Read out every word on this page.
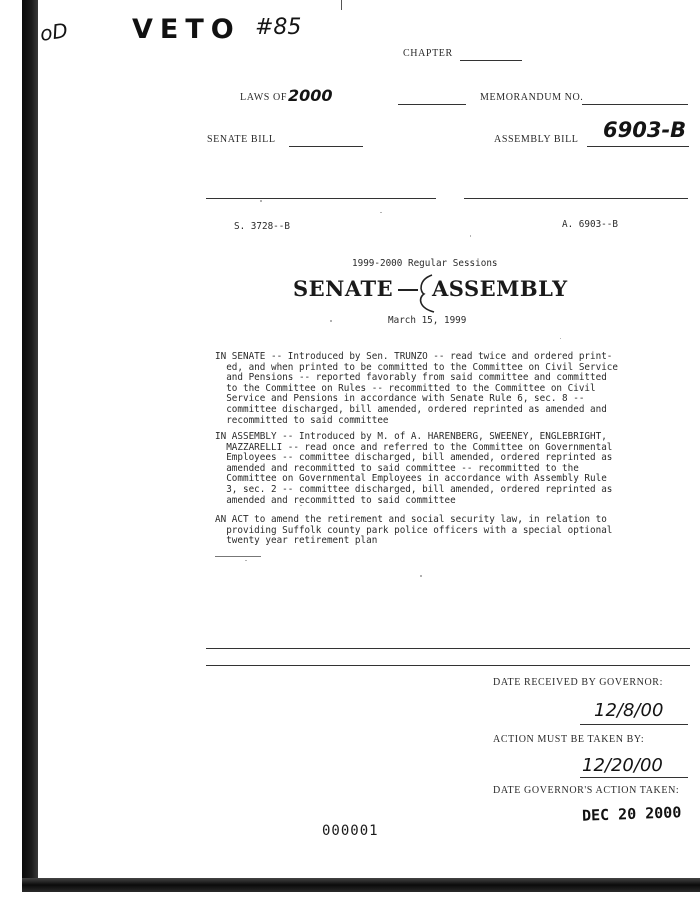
oD VETO #85
CHAPTER
LAWS OF 2000	MEMORANDUM NO.
SENATE BILL	ASSEMBLY BILL 6903-B
S. 3728--B	A. 6903--B
1999-2000 Regular Sessions
SENATE ASSEMBLY
March 15, 1999
IN SENATE -- Introduced by Sen. TRUNZO -- read twice and ordered print-
ed, and when printed to be committed to the Committee on Civil Service
and Pensions -- reported favorably from said committee and committed
to the Committee on Rules -- recommitted to the Committee on Civil
Service and Pensions in accordance with Senate Rule 6, sec. 8 --
committee discharged, bill amended, ordered reprinted as amended and
recommitted to said committee
IN ASSEMBLY -- Introduced by M. of A. HARENBERG, SWEENEY, ENGLEBRIGHT,
MAZZARELLI -- read once and referred to the Committee on Governmental
Employees -- committee discharged, bill amended, ordered reprinted as
amended and recommitted to said committee -- recommitted to the
Committee on Governmental Employees in accordance with Assembly Rule
3, sec. 2 -- committee discharged, bill amended, ordered reprinted as
amended and recommitted to said committee
AN ACT to amend the retirement and social security law, in relation to
providing Suffolk county park police officers with a special optional
twenty year retirement plan
DATE RECEIVED BY GOVERNOR:
12/8/00
ACTION MUST BE TAKEN BY:
12/20/00
DATE GOVERNOR'S ACTION TAKEN:
DEC 20 2000
000001
